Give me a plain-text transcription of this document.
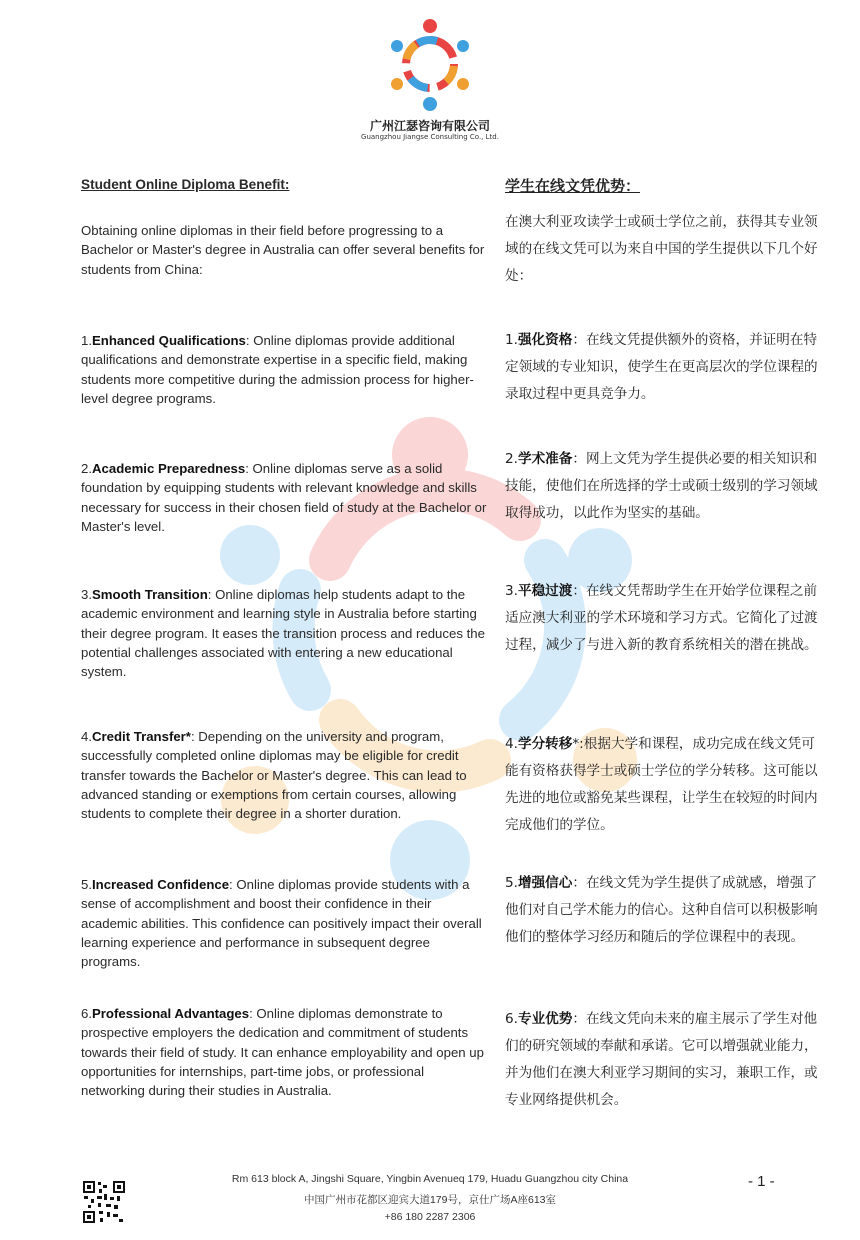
广州江瑟咨询有限公司
Guangzhou Jiangse Consulting Co., Ltd.

Student Online Diploma Benefit:

Obtaining online diplomas in their field before progressing to a Bachelor or Master's degree in Australia can offer several benefits for students from China:

1.Enhanced Qualifications: Online diplomas provide additional qualifications and demonstrate expertise in a specific field, making students more competitive during the admission process for higher-level degree programs.

2.Academic Preparedness: Online diplomas serve as a solid foundation by equipping students with relevant knowledge and skills necessary for success in their chosen field of study at the Bachelor or Master's level.

3.Smooth Transition: Online diplomas help students adapt to the academic environment and learning style in Australia before starting their degree program. It eases the transition process and reduces the potential challenges associated with entering a new educational system.

4.Credit Transfer*: Depending on the university and program, successfully completed online diplomas may be eligible for credit transfer towards the Bachelor or Master's degree. This can lead to advanced standing or exemptions from certain courses, allowing students to complete their degree in a shorter duration.

5.Increased Confidence: Online diplomas provide students with a sense of accomplishment and boost their confidence in their academic abilities. This confidence can positively impact their overall learning experience and performance in subsequent degree programs.

6.Professional Advantages: Online diplomas demonstrate to prospective employers the dedication and commitment of students towards their field of study. It can enhance employability and open up opportunities for internships, part-time jobs, or professional networking during their studies in Australia.

学生在线文凭优势：

在澳大利亚攻读学士或硕士学位之前，获得其专业领域的在线文凭可以为来自中国的学生提供以下几个好处：

1.强化资格：在线文凭提供额外的资格，并证明在特定领域的专业知识，使学生在更高层次的学位课程的录取过程中更具竞争力。

2.学术准备：网上文凭为学生提供必要的相关知识和技能，使他们在所选择的学士或硕士级别的学习领域取得成功，以此作为坚实的基础。

3.平稳过渡：在线文凭帮助学生在开始学位课程之前适应澳大利亚的学术环境和学习方式。它简化了过渡过程，减少了与进入新的教育系统相关的潜在挑战。

4.学分转移*:根据大学和课程，成功完成在线文凭可能有资格获得学士或硕士学位的学分转移。这可能以先进的地位或豁免某些课程，让学生在较短的时间内完成他们的学位。

5.增强信心：在线文凭为学生提供了成就感，增强了他们对自己学术能力的信心。这种自信可以积极影响他们的整体学习经历和随后的学位课程中的表现。

6.专业优势：在线文凭向未来的雇主展示了学生对他们的研究领域的奉献和承诺。它可以增强就业能力，并为他们在澳大利亚学习期间的实习，兼职工作，或专业网络提供机会。

Rm 613 block A, Jingshi Square, Yingbin Avenueq 179, Huadu Guangzhou city China
中国广州市花都区迎宾大道179号，京仕广场A座613室
+86 180 2287 2306
- 1 -
